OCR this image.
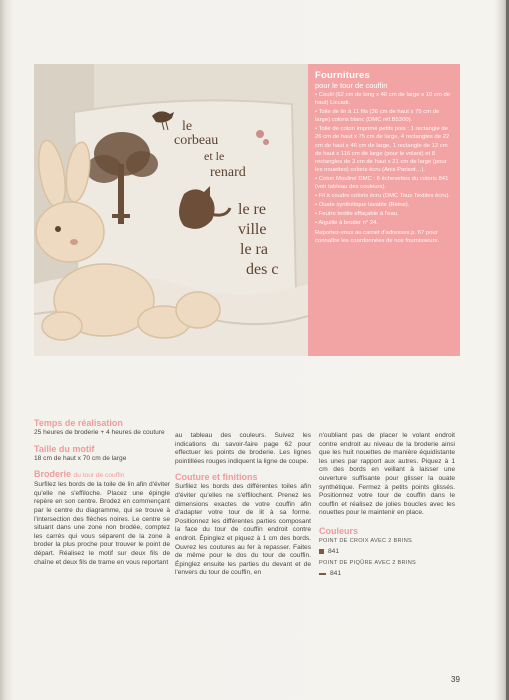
le
corbeau
et le
renard
le re
ville
le ra
des c
Fournitures
pour le tour de couffin
• Coutil (62 cm de long x 40 cm de large x 10 cm de haut) Liccadi.
• Toile de lin à 11 fils (36 cm de haut x 75 cm de large) coloris blanc (DMC réf.B5300).
• Toile de coton imprimé petits pois : 1 rectangle de 26 cm de haut x 75 cm de large, 4 rectangles de 22 cm de haut x 46 cm de large, 1 rectangle de 12 cm de haut x 116 cm de large (pour le volant) et 8 rectangles de 3 cm de haut x 21 cm de large (pour les nouettes) coloris écru (Anis Parisot…).
• Coton Mouliné DMC : 6 échevettes du coloris 841 (voir tableau des couleurs).
• Fil à coudre coloris écru (DMC Tous Textiles écru).
• Ouate synthétique lavable (Reine).
• Feutre textile effaçable à l'eau.
• Aiguille à broder n° 24.
Reportez-vous au carnet d'adresses p. 67 pour connaître les coordonnées de nos fournisseurs.
Temps de réalisation

25 heures de broderie + 4 heures de couture

Taille du motif

18 cm de haut x 70 cm de large

Broderie du tour de couffin

Surfilez les bords de la toile de lin afin d'éviter qu'elle ne s'effiloche. Placez une épingle repère en son centre. Brodez en commençant par le centre du diagramme, qui se trouve à l'intersection des flèches noires. Le centre se situant dans une zone non brodée, comptez les carrés qui vous séparent de la zone à broder la plus proche pour trouver le point de départ. Réalisez le motif sur deux fils de chaîne et deux fils de trame en vous reportant

au tableau des couleurs. Suivez les indications du savoir-faire page 62 pour effectuer les points de broderie. Les lignes pointillées rouges indiquent la ligne de coupe.

Couture et finitions

Surfilez les bords des différentes toiles afin d'éviter qu'elles ne s'effilochent. Prenez les dimensions exactes de votre couffin afin d'adapter votre tour de lit à sa forme. Positionnez les différentes parties composant la face du tour de couffin endroit contre endroit. Épinglez et piquez à 1 cm des bords. Ouvrez les coutures au fer à repasser. Faites de même pour le dos du tour de couffin. Épinglez ensuite les parties du devant et de l'envers du tour de couffin, en

n'oubliant pas de placer le volant endroit contre endroit au niveau de la broderie ainsi que les huit nouettes de manière équidistante les unes par rapport aux autres. Piquez à 1 cm des bords en veillant à laisser une ouverture suffisante pour glisser la ouate synthétique. Fermez à petits points glissés. Positionnez votre tour de couffin dans le couffin et réalisez de jolies boucles avec les nouettes pour le maintenir en place.

Couleurs
POINT DE CROIX AVEC 2 BRINS
841
POINT DE PIQÛRE AVEC 2 BRINS
841
39
